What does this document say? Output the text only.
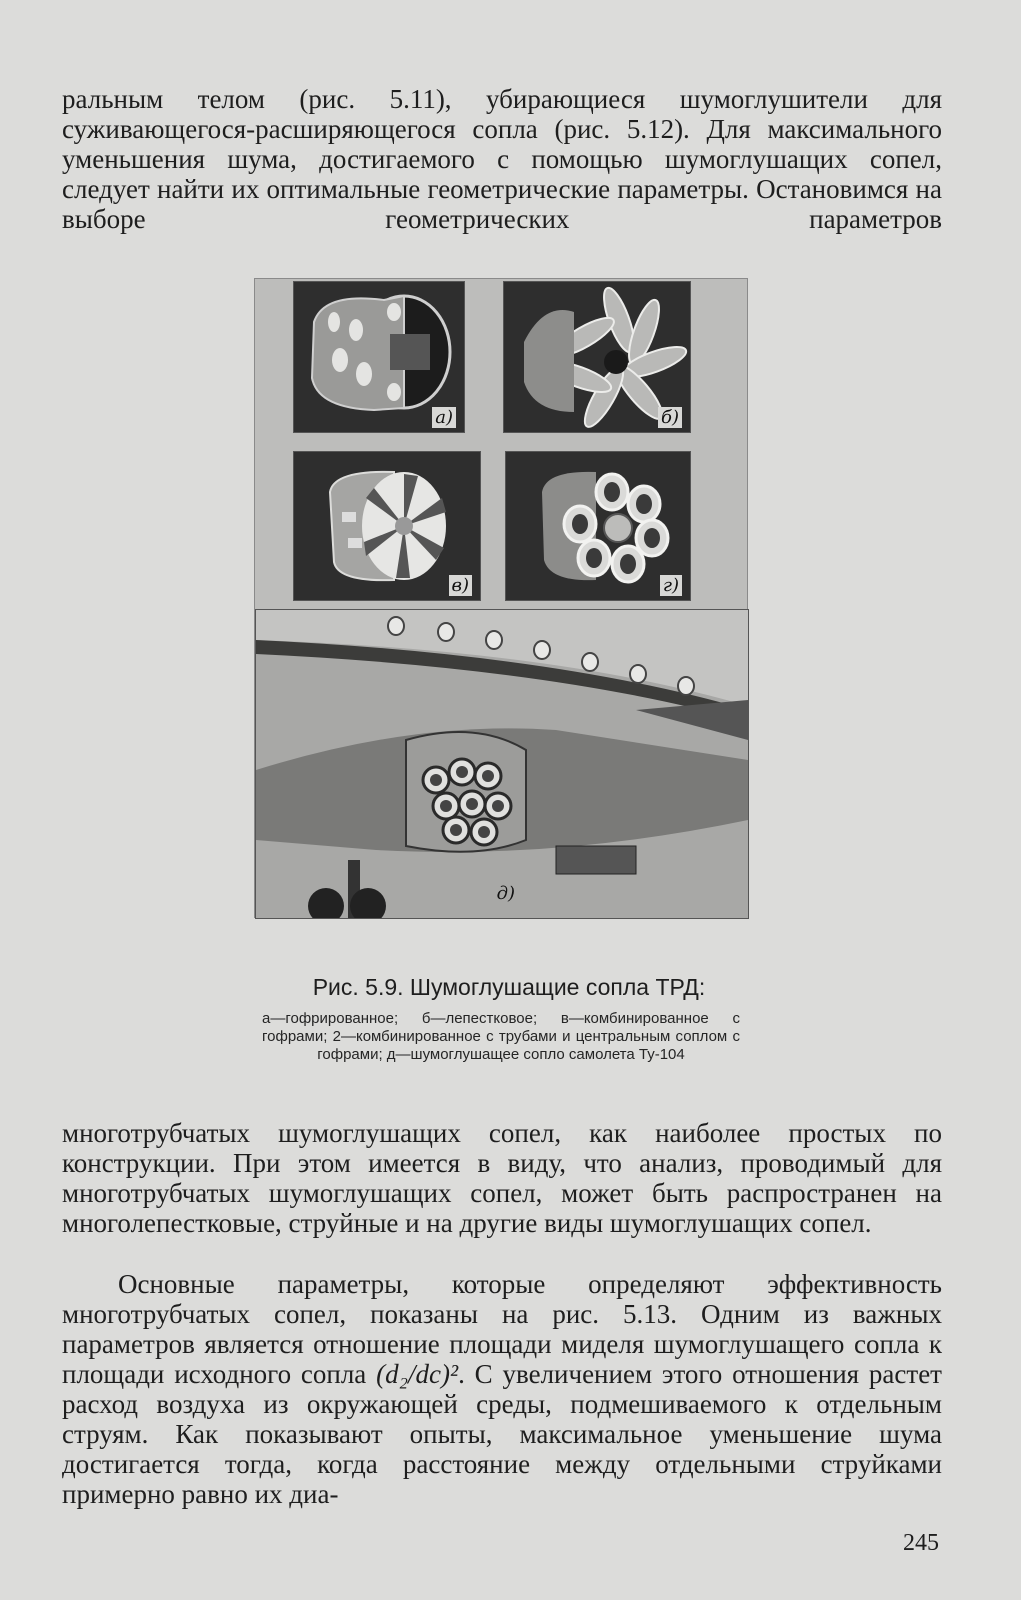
ральным телом (рис. 5.11), убирающиеся шумоглушители для суживающегося-расширяющегося сопла (рис. 5.12). Для максимального уменьшения шума, достигаемого с помощью шумоглушащих сопел, следует найти их оптимальные геометрические параметры. Остановимся на выборе геометрических параметров

а)	б)
в)	г)
д)

Рис. 5.9. Шумоглушащие сопла ТРД:

а—гофрированное; б—лепестковое; в—комбинированное с гофрами; 2—комбинированное с трубами и центральным соплом с гофрами; д—шумоглушащее сопло самолета Ту-104

многотрубчатых шумоглушащих сопел, как наиболее простых по конструкции. При этом имеется в виду, что анализ, проводимый для многотрубчатых шумоглушащих сопел, может быть распространен на многолепестковые, струйные и на другие виды шумоглушащих сопел.

Основные параметры, которые определяют эффективность многотрубчатых сопел, показаны на рис. 5.13. Одним из важных параметров является отношение площади миделя шумоглушащего сопла к площади исходного сопла (d₂/dс)². С увеличением этого отношения растет расход воздуха из окружающей среды, подмешиваемого к отдельным струям. Как показывают опыты, максимальное уменьшение шума достигается тогда, когда расстояние между отдельными струйками примерно равно их диа-

245
